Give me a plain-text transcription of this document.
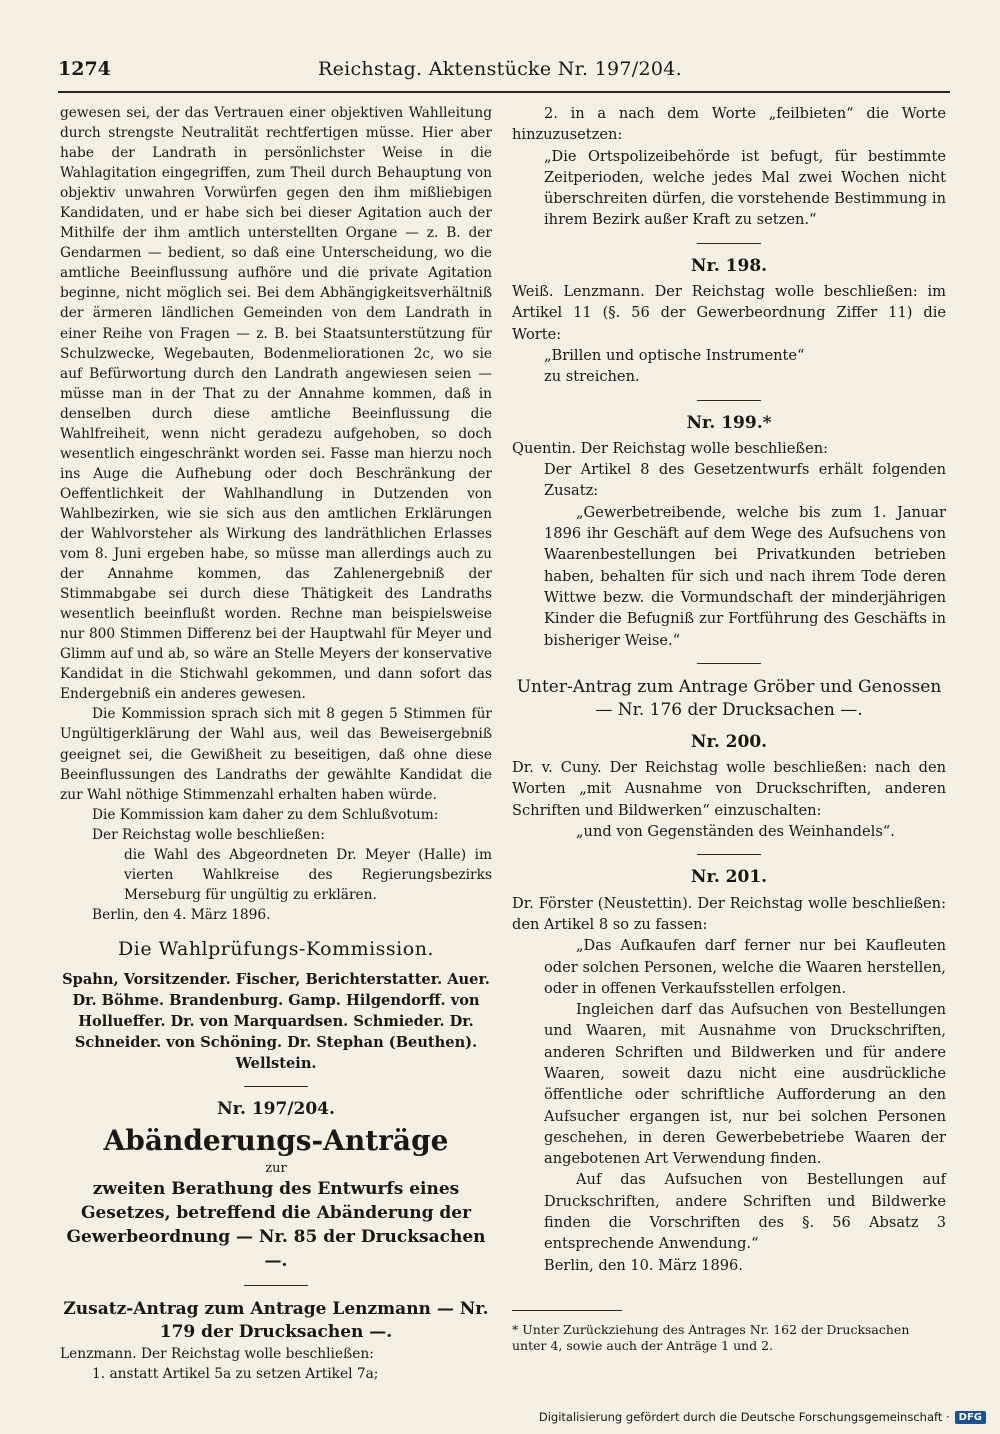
Reichstag. Aktenstücke Nr. 197/204.
1274

gewesen sei, der das Vertrauen einer objektiven Wahlleitung durch strengste Neutralität rechtfertigen müsse. Hier aber habe der Landrath in persönlichster Weise in die Wahlagitation eingegriffen, zum Theil durch Behauptung von objektiv unwahren Vorwürfen gegen den ihm mißliebigen Kandidaten, und er habe sich bei dieser Agitation auch der Mithilfe der ihm amtlich unterstellten Organe — z. B. der Gendarmen — bedient, so daß eine Unterscheidung, wo die amtliche Beeinflussung aufhöre und die private Agitation beginne, nicht möglich sei. Bei dem Abhängigkeitsverhältniß der ärmeren ländlichen Gemeinden von dem Landrath in einer Reihe von Fragen — z. B. bei Staatsunterstützung für Schulzwecke, Wegebauten, Bodenmeliorationen 2c, wo sie auf Befürwortung durch den Landrath angewiesen seien — müsse man in der That zu der Annahme kommen, daß in denselben durch diese amtliche Beeinflussung die Wahlfreiheit, wenn nicht geradezu aufgehoben, so doch wesentlich eingeschränkt worden sei. Fasse man hierzu noch ins Auge die Aufhebung oder doch Beschränkung der Oeffentlichkeit der Wahlhandlung in Dutzenden von Wahlbezirken, wie sie sich aus den amtlichen Erklärungen der Wahlvorsteher als Wirkung des landräthlichen Erlasses vom 8. Juni ergeben habe, so müsse man allerdings auch zu der Annahme kommen, das Zahlenergebniß der Stimmabgabe sei durch diese Thätigkeit des Landraths wesentlich beeinflußt worden. Rechne man beispielsweise nur 800 Stimmen Differenz bei der Hauptwahl für Meyer und Glimm auf und ab, so wäre an Stelle Meyers der konservative Kandidat in die Stichwahl gekommen, und dann sofort das Endergebniß ein anderes gewesen.

Die Kommission sprach sich mit 8 gegen 5 Stimmen für Ungültigerklärung der Wahl aus, weil das Beweisergebniß geeignet sei, die Gewißheit zu beseitigen, daß ohne diese Beeinflussungen des Landraths der gewählte Kandidat die zur Wahl nöthige Stimmenzahl erhalten haben würde.

Die Kommission kam daher zu dem Schlußvotum:

Der Reichstag wolle beschließen:

die Wahl des Abgeordneten Dr. Meyer (Halle) im vierten Wahlkreise des Regierungsbezirks Merseburg für ungültig zu erklären.

Berlin, den 4. März 1896.

Die Wahlprüfungs-Kommission.
Spahn, Vorsitzender. Fischer, Berichterstatter. Auer. Dr. Böhme. Brandenburg. Gamp. Hilgendorff. von Hollueffer. Dr. von Marquardsen. Schmieder. Dr. Schneider. von Schöning. Dr. Stephan (Beuthen). Wellstein.
Nr. 197/204.
Abänderungs-Anträge
zur
zweiten Berathung des Entwurfs eines Gesetzes, betreffend die Abänderung der Gewerbeordnung — Nr. 85 der Drucksachen —.
Zusatz-Antrag zum Antrage Lenzmann — Nr. 179 der Drucksachen —.

Lenzmann. Der Reichstag wolle beschließen:

1. anstatt Artikel 5a zu setzen Artikel 7a;

2. in a nach dem Worte „feilbieten“ die Worte hinzuzusetzen:

„Die Ortspolizeibehörde ist befugt, für bestimmte Zeitperioden, welche jedes Mal zwei Wochen nicht überschreiten dürfen, die vorstehende Bestimmung in ihrem Bezirk außer Kraft zu setzen.“

Nr. 198.

Weiß. Lenzmann. Der Reichstag wolle beschließen: im Artikel 11 (§. 56 der Gewerbeordnung Ziffer 11) die Worte:

„Brillen und optische Instrumente“

zu streichen.

Nr. 199.*

Quentin. Der Reichstag wolle beschließen:

Der Artikel 8 des Gesetzentwurfs erhält folgenden Zusatz:

„Gewerbetreibende, welche bis zum 1. Januar 1896 ihr Geschäft auf dem Wege des Aufsuchens von Waarenbestellungen bei Privatkunden betrieben haben, behalten für sich und nach ihrem Tode deren Wittwe bezw. die Vormundschaft der minderjährigen Kinder die Befugniß zur Fortführung des Geschäfts in bisheriger Weise.“

Unter-Antrag zum Antrage Gröber und Genossen — Nr. 176 der Drucksachen —.
Nr. 200.

Dr. v. Cuny. Der Reichstag wolle beschließen: nach den Worten „mit Ausnahme von Druckschriften, anderen Schriften und Bildwerken“ einzuschalten:

„und von Gegenständen des Weinhandels“.

Nr. 201.

Dr. Förster (Neustettin). Der Reichstag wolle beschließen: den Artikel 8 so zu fassen:

„Das Aufkaufen darf ferner nur bei Kaufleuten oder solchen Personen, welche die Waaren herstellen, oder in offenen Verkaufsstellen erfolgen.

Ingleichen darf das Aufsuchen von Bestellungen und Waaren, mit Ausnahme von Druckschriften, anderen Schriften und Bildwerken und für andere Waaren, soweit dazu nicht eine ausdrückliche öffentliche oder schriftliche Aufforderung an den Aufsucher ergangen ist, nur bei solchen Personen geschehen, in deren Gewerbebetriebe Waaren der angebotenen Art Verwendung finden.

Auf das Aufsuchen von Bestellungen auf Druckschriften, andere Schriften und Bildwerke finden die Vorschriften des §. 56 Absatz 3 entsprechende Anwendung.“

Berlin, den 10. März 1896.

* Unter Zurückziehung des Antrages Nr. 162 der Drucksachen unter 4, sowie auch der Anträge 1 und 2.
Digitalisierung gefördert durch die Deutsche Forschungsgemeinschaft · DFG
